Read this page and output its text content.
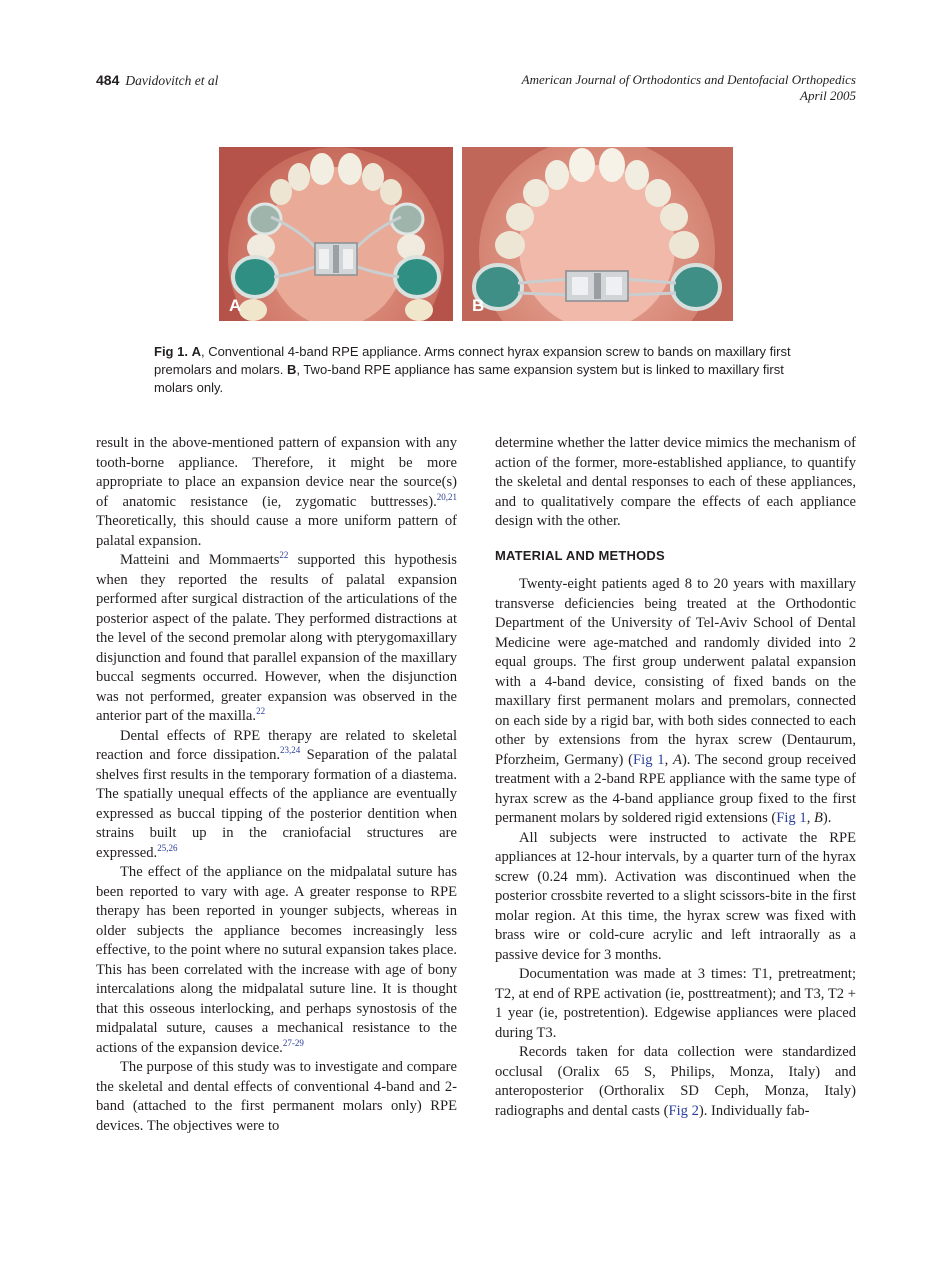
484 Davidovitch et al	American Journal of Orthodontics and Dentofacial Orthopedics
April 2005
A	B

Fig 1. A, Conventional 4-band RPE appliance. Arms connect hyrax expansion screw to bands on maxillary first premolars and molars. B, Two-band RPE appliance has same expansion system but is linked to maxillary first molars only.

result in the above-mentioned pattern of expansion with any tooth-borne appliance. Therefore, it might be more appropriate to place an expansion device near the source(s) of anatomic resistance (ie, zygomatic buttresses).$^{20,21}$ Theoretically, this should cause a more uniform pattern of palatal expansion.

Matteini and Mommaerts$^{22}$ supported this hypothesis when they reported the results of palatal expansion performed after surgical distraction of the articulations of the posterior aspect of the palate. They performed distractions at the level of the second premolar along with pterygomaxillary disjunction and found that parallel expansion of the maxillary buccal segments occurred. However, when the disjunction was not performed, greater expansion was observed in the anterior part of the maxilla.$^{22}$

Dental effects of RPE therapy are related to skeletal reaction and force dissipation.$^{23,24}$ Separation of the palatal shelves first results in the temporary formation of a diastema. The spatially unequal effects of the appliance are eventually expressed as buccal tipping of the posterior dentition when strains built up in the craniofacial structures are expressed.$^{25,26}$

The effect of the appliance on the midpalatal suture has been reported to vary with age. A greater response to RPE therapy has been reported in younger subjects, whereas in older subjects the appliance becomes increasingly less effective, to the point where no sutural expansion takes place. This has been correlated with the increase with age of bony intercalations along the midpalatal suture line. It is thought that this osseous interlocking, and perhaps synostosis of the midpalatal suture, causes a mechanical resistance to the actions of the expansion device.$^{27-29}$

The purpose of this study was to investigate and compare the skeletal and dental effects of conventional 4-band and 2-band (attached to the first permanent molars only) RPE devices. The objectives were to

determine whether the latter device mimics the mechanism of action of the former, more-established appliance, to quantify the skeletal and dental responses to each of these appliances, and to qualitatively compare the effects of each appliance design with the other.

MATERIAL AND METHODS

Twenty-eight patients aged 8 to 20 years with maxillary transverse deficiencies being treated at the Orthodontic Department of the University of Tel-Aviv School of Dental Medicine were age-matched and randomly divided into 2 equal groups. The first group underwent palatal expansion with a 4-band device, consisting of fixed bands on the maxillary first permanent molars and premolars, connected on each side by a rigid bar, with both sides connected to each other by extensions from the hyrax screw (Dentaurum, Pforzheim, Germany) (Fig 1, A). The second group received treatment with a 2-band RPE appliance with the same type of hyrax screw as the 4-band appliance group fixed to the first permanent molars by soldered rigid extensions (Fig 1, B).

All subjects were instructed to activate the RPE appliances at 12-hour intervals, by a quarter turn of the hyrax screw (0.24 mm). Activation was discontinued when the posterior crossbite reverted to a slight scissors-bite in the first molar region. At this time, the hyrax screw was fixed with brass wire or cold-cure acrylic and left intraorally as a passive device for 3 months.

Documentation was made at 3 times: T1, pretreatment; T2, at end of RPE activation (ie, posttreatment); and T3, T2 + 1 year (ie, postretention). Edgewise appliances were placed during T3.

Records taken for data collection were standardized occlusal (Oralix 65 S, Philips, Monza, Italy) and anteroposterior (Orthoralix SD Ceph, Monza, Italy) radiographs and dental casts (Fig 2). Individually fab-
